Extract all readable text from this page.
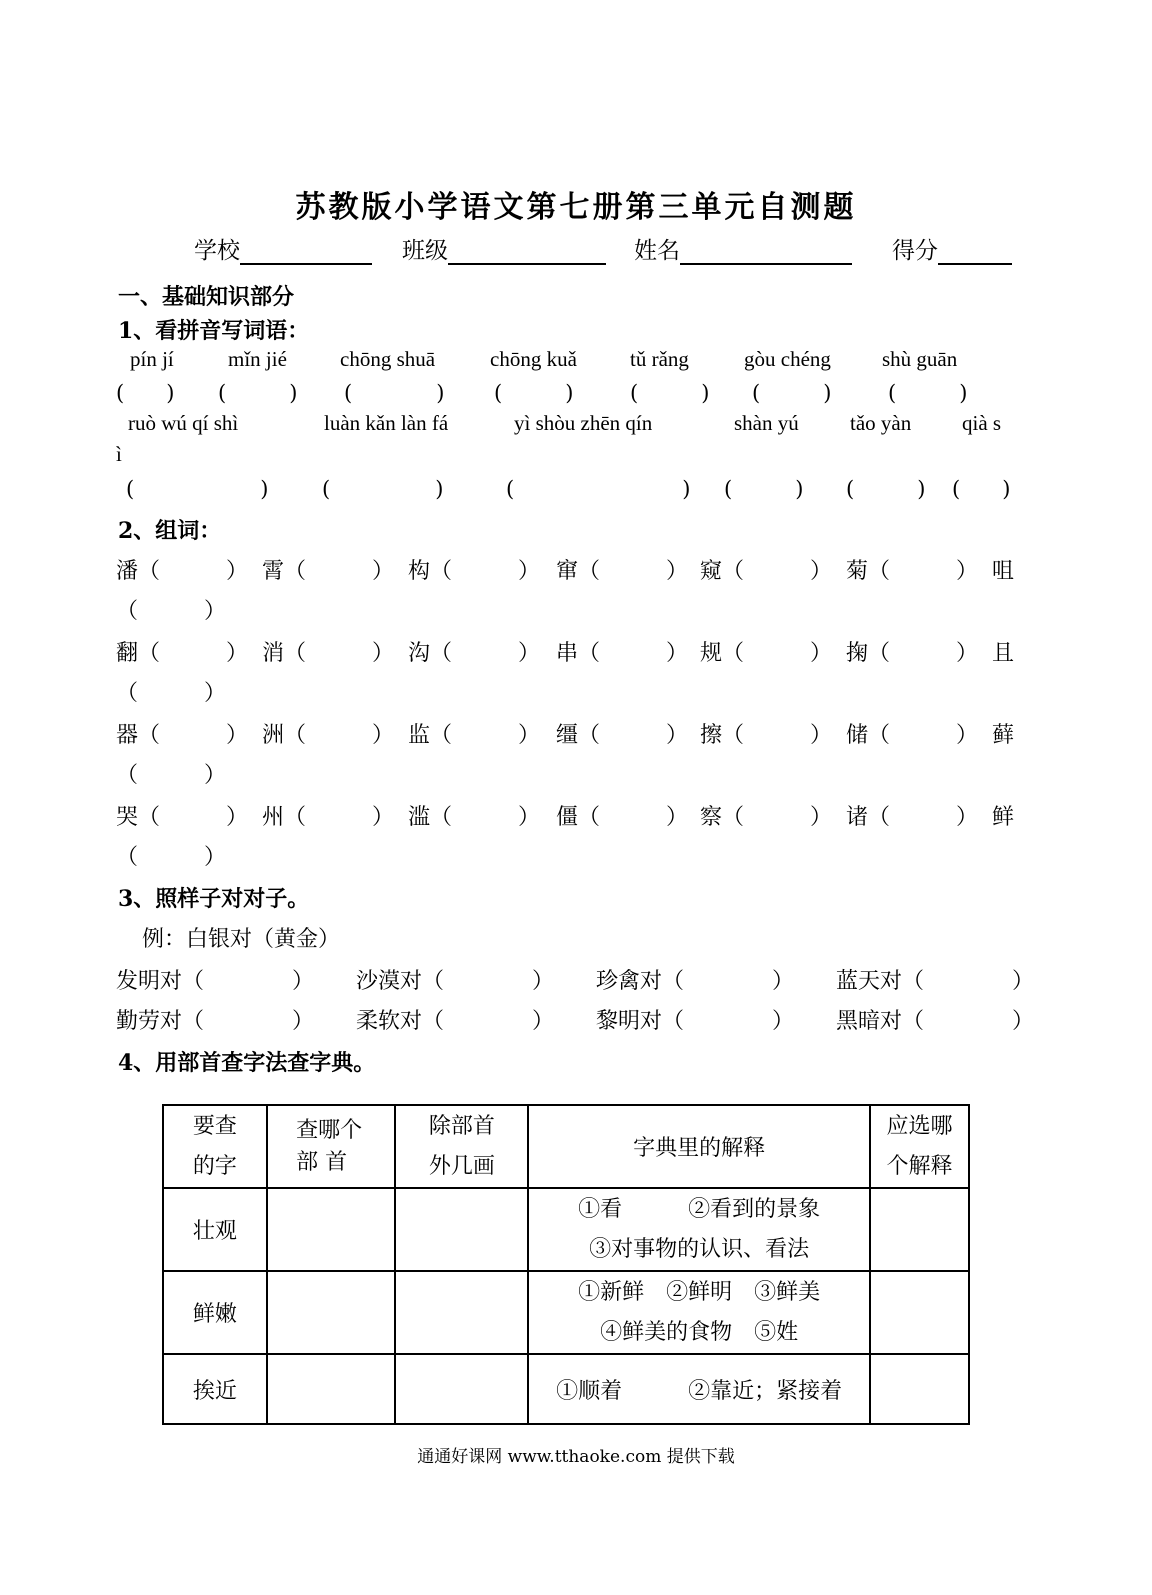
苏教版小学语文第七册第三单元自测题
学校	班级	姓名	得分
一、基础知识部分
1、看拼音写词语：
pín jí	mǐn jié	chōng shuā	chōng kuǎ	tǔ rǎng	gòu chéng shù guān
(　　) (　　　) (　　　　) (　　　)	(　　　) (　　　)	(　　　)
ruò wú qí shì	luàn kǎn làn fá	yì shòu zhēn qín	shàn yú tǎo yàn qià s
ì
(　　　　　　)	(　　　　　)	(　　　　　　　　) (　　　) (　　　) (　　)
2、组词：
潘（　　　） 霄（　　　） 构（　　　） 窜（　　　） 窥（　　　） 菊（　　　） 咀
（　　　）
翻（　　　） 消（　　　） 沟（　　　） 串（　　　） 规（　　　） 掬（　　　） 且
（　　　）
器（　　　） 洲（　　　） 监（　　　） 缰（　　　） 擦（　　　） 储（　　　） 藓
（　　　）
哭（　　　） 州（　　　） 滥（　　　） 僵（　　　） 察（　　　） 诸（　　　） 鲜
（　　　）
3、照样子对对子。
例：白银对（黄金）
发明对（　　　　） 沙漠对（　　　　） 珍禽对（　　　　） 蓝天对（　　　　）
勤劳对（　　　　） 柔软对（　　　　） 黎明对（　　　　） 黑暗对（　　　　）
4、用部首查字法查字典。
要查的字	查哪个部 首	除部首外几画	字典里的解释	应选哪个解释

壮观			①看　　　②看到的景象
③对事物的认识、看法	

鲜嫩			①新鲜　②鲜明　③鲜美
④鲜美的食物　⑤姓	

挨近			①顺着　　　②靠近；紧接着	

通通好课网 www.tthaoke.com 提供下载
